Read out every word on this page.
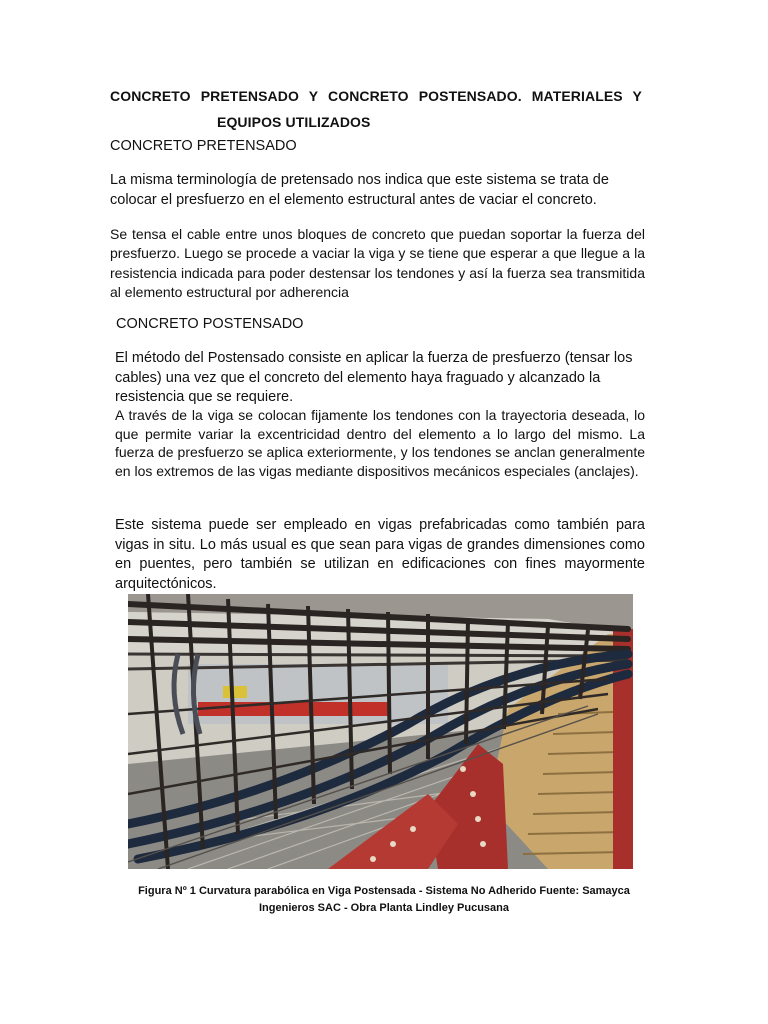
CONCRETO PRETENSADO Y CONCRETO POSTENSADO. MATERIALES Y
EQUIPOS UTILIZADOS
CONCRETO PRETENSADO

La misma terminología de pretensado nos indica que este sistema se trata de colocar el presfuerzo en el elemento estructural antes de vaciar el concreto.

Se tensa el cable entre unos bloques de concreto que puedan soportar la fuerza del presfuerzo. Luego se procede a vaciar la viga y se tiene que esperar a que llegue a la resistencia indicada para poder destensar los tendones y así la fuerza sea transmitida al elemento estructural por adherencia

CONCRETO POSTENSADO

El método del Postensado consiste en aplicar la fuerza de presfuerzo (tensar los cables) una vez que el concreto del elemento haya fraguado y alcanzado la resistencia que se requiere.

A través de la viga se colocan fijamente los tendones con la trayectoria deseada, lo que permite variar la excentricidad dentro del elemento a lo largo del mismo. La fuerza de presfuerzo se aplica exteriormente, y los tendones se anclan generalmente en los extremos de las vigas mediante dispositivos mecánicos especiales (anclajes).

Este sistema puede ser empleado en vigas prefabricadas como también para vigas in situ. Lo más usual es que sean para vigas de grandes dimensiones como en puentes, pero también se utilizan en edificaciones con fines mayormente arquitectónicos.

Figura Nº 1 Curvatura parabólica en Viga Postensada - Sistema No Adherido Fuente: Samayca
Ingenieros SAC - Obra Planta Lindley Pucusana
